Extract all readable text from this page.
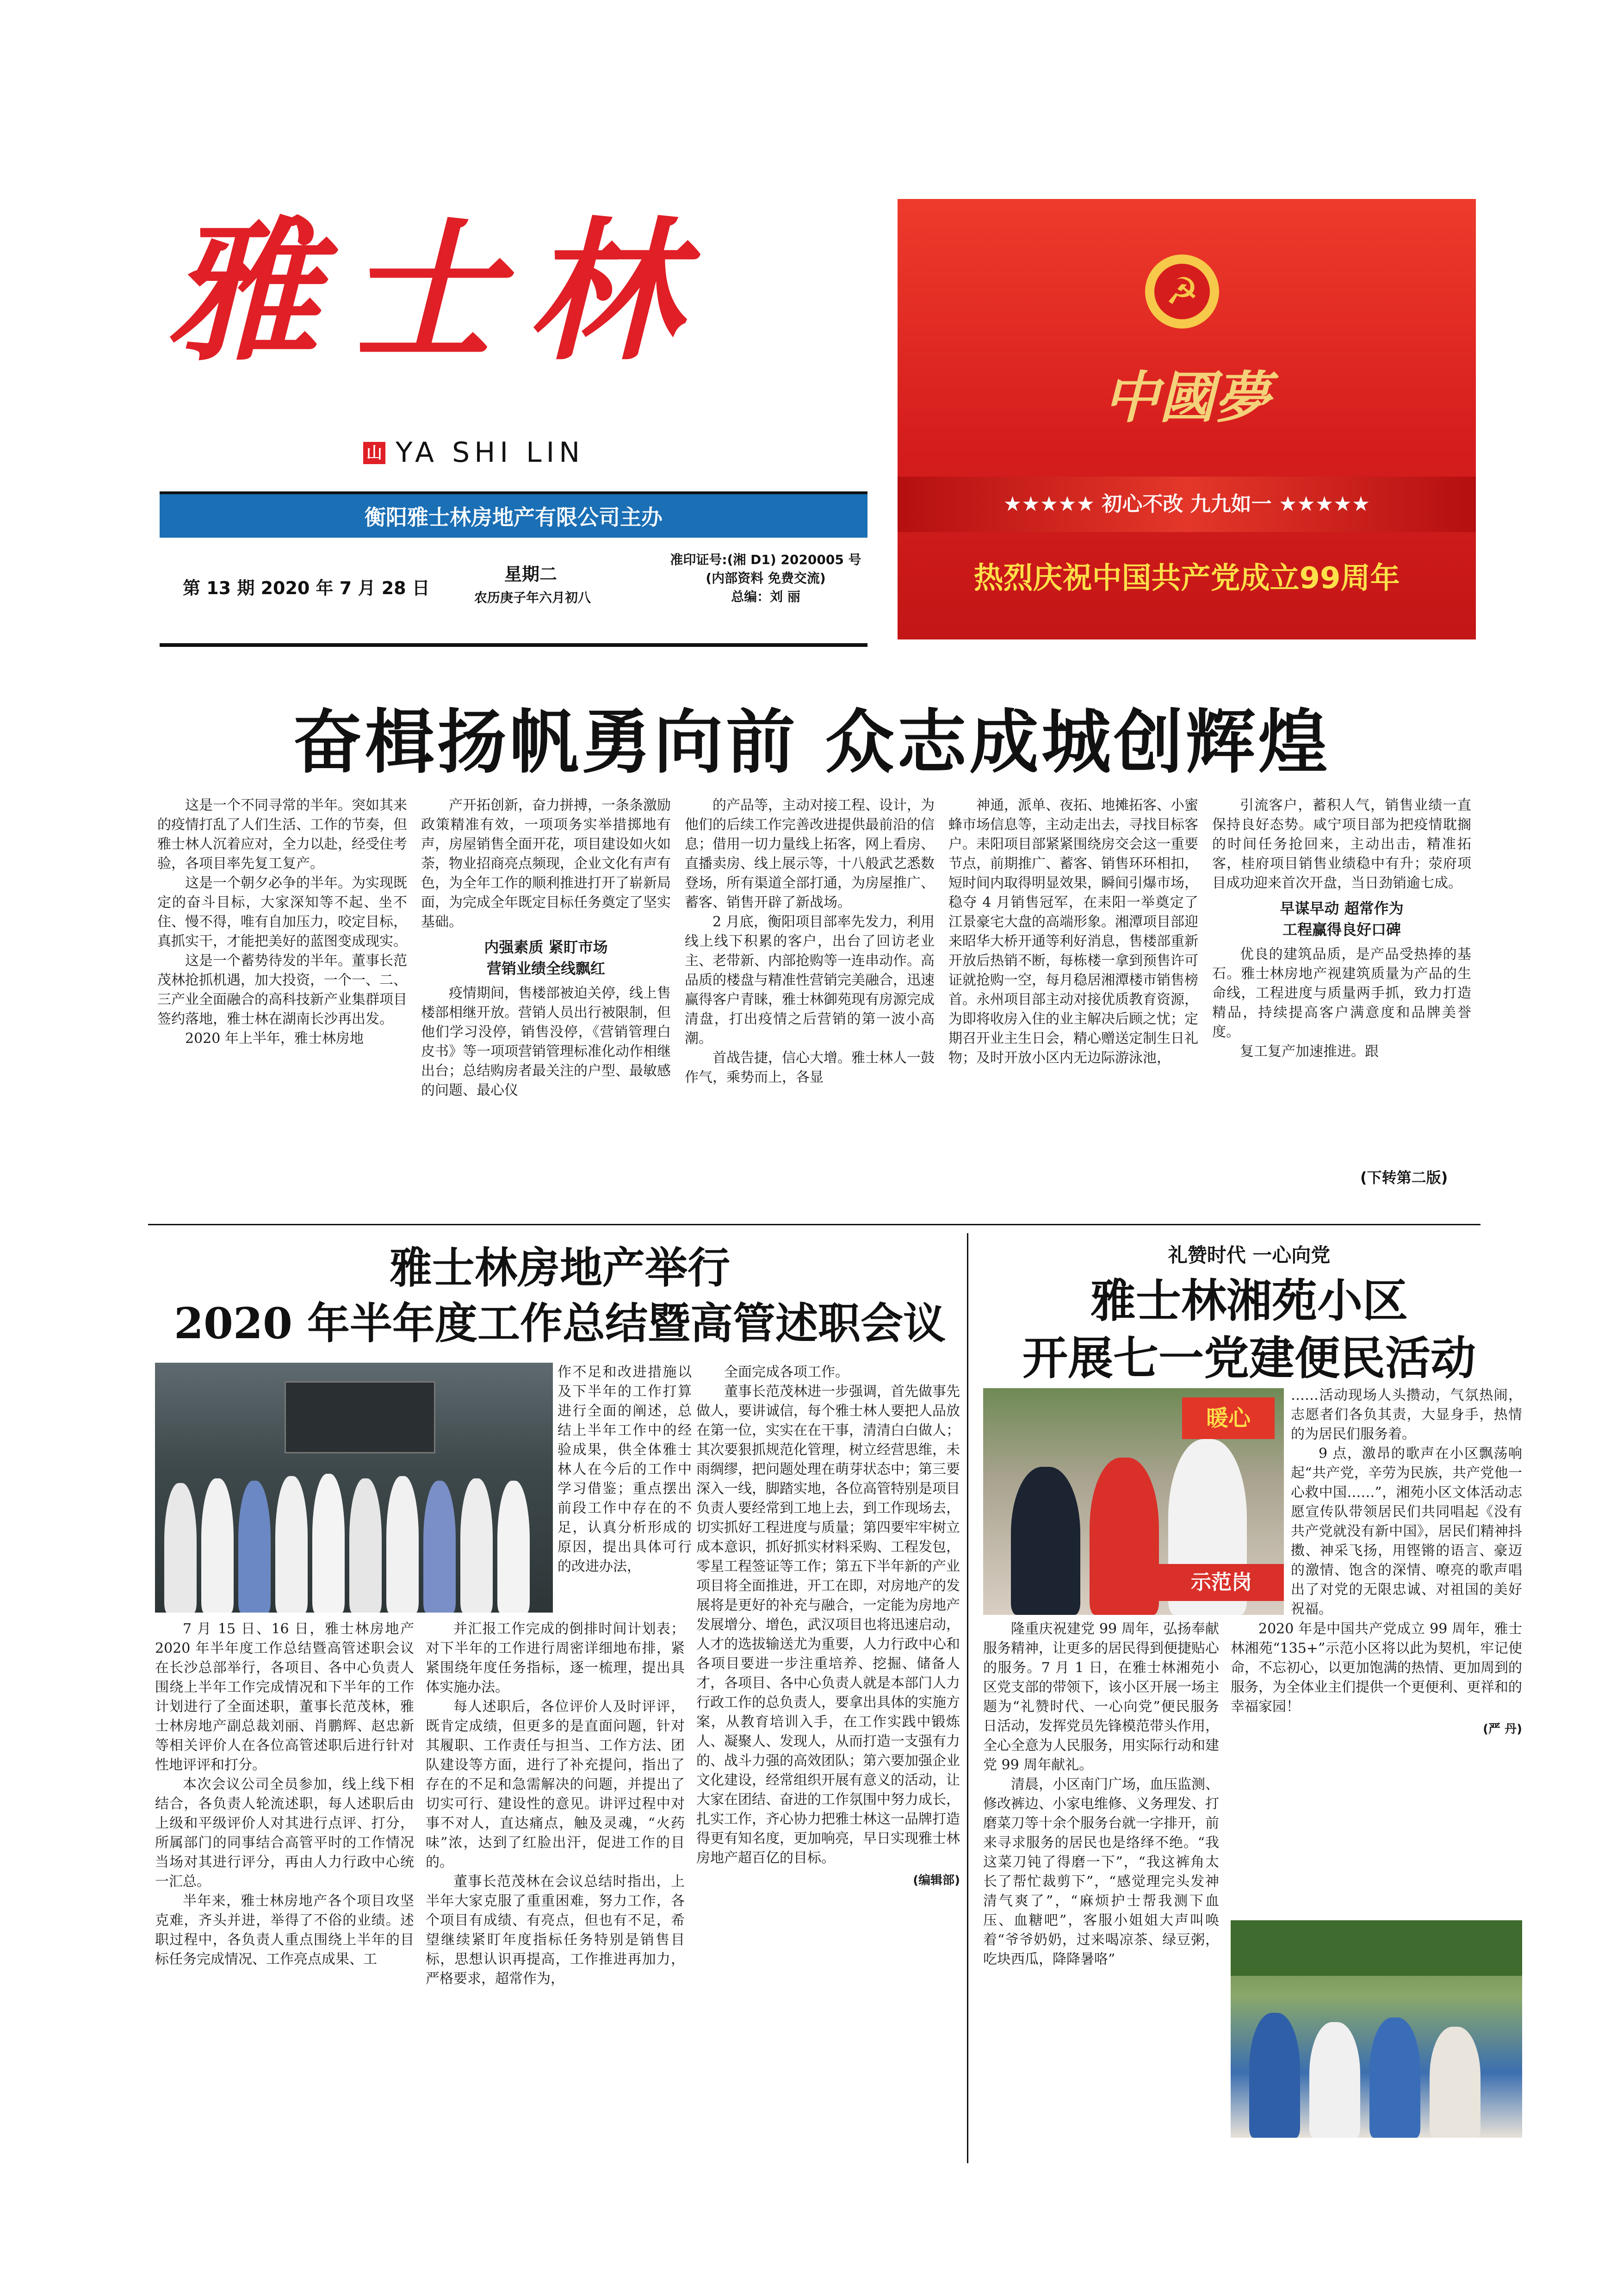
雅士林
山 YA SHI LIN
衡阳雅士林房地产有限公司主办
第 13 期 2020 年 7 月 28 日
星期二
农历庚子年六月初八
准印证号:(湘 D1) 2020005 号
(内部资料 免费交流)
总编：刘 丽
☭
中國夢
★★★★★ 初心不改 九九如一 ★★★★★
热烈庆祝中国共产党成立99周年
奋楫扬帆勇向前 众志成城创辉煌

这是一个不同寻常的半年。突如其来的疫情打乱了人们生活、工作的节奏，但雅士林人沉着应对，全力以赴，经受住考验，各项目率先复工复产。

这是一个朝夕必争的半年。为实现既定的奋斗目标，大家深知等不起、坐不住、慢不得，唯有自加压力，咬定目标，真抓实干，才能把美好的蓝图变成现实。

这是一个蓄势待发的半年。董事长范茂林抢抓机遇，加大投资，一个一、二、三产业全面融合的高科技新产业集群项目签约落地，雅士林在湖南长沙再出发。

2020 年上半年，雅士林房地

产开拓创新，奋力拼搏，一条条激励政策精准有效，一项项务实举措掷地有声，房屋销售全面开花，项目建设如火如荼，物业招商亮点频现，企业文化有声有色，为全年工作的顺利推进打开了崭新局面，为完成全年既定目标任务奠定了坚实基础。

内强素质 紧盯市场
营销业绩全线飘红

疫情期间，售楼部被迫关停，线上售楼部相继开放。营销人员出行被限制，但他们学习没停，销售没停，《营销管理白皮书》等一项项营销管理标准化动作相继出台；总结购房者最关注的户型、最敏感的问题、最心仪

的产品等，主动对接工程、设计，为他们的后续工作完善改进提供最前沿的信息；借用一切力量线上拓客，网上看房、直播卖房、线上展示等，十八般武艺悉数登场，所有渠道全部打通，为房屋推广、蓄客、销售开辟了新战场。

2 月底，衡阳项目部率先发力，利用线上线下积累的客户，出台了回访老业主、老带新、内部抢购等一连串动作。高品质的楼盘与精准性营销完美融合，迅速赢得客户青睐，雅士林御苑现有房源完成清盘，打出疫情之后营销的第一波小高潮。

首战告捷，信心大增。雅士林人一鼓作气，乘势而上，各显

神通，派单、夜拓、地摊拓客、小蜜蜂市场信息等，主动走出去，寻找目标客户。耒阳项目部紧紧围绕房交会这一重要节点，前期推广、蓄客、销售环环相扣，短时间内取得明显效果，瞬间引爆市场，稳夺 4 月销售冠军，在耒阳一举奠定了江景豪宅大盘的高端形象。湘潭项目部迎来昭华大桥开通等利好消息，售楼部重新开放后热销不断，每栋楼一拿到预售许可证就抢购一空，每月稳居湘潭楼市销售榜首。永州项目部主动对接优质教育资源，为即将收房入住的业主解决后顾之忧；定期召开业主生日会，精心赠送定制生日礼物；及时开放小区内无边际游泳池，

引流客户，蓄积人气，销售业绩一直保持良好态势。咸宁项目部为把疫情耽搁的时间任务抢回来，主动出击，精准拓客，桂府项目销售业绩稳中有升；荥府项目成功迎来首次开盘，当日劲销逾七成。

早谋早动 超常作为
工程赢得良好口碑

优良的建筑品质，是产品受热捧的基石。雅士林房地产视建筑质量为产品的生命线，工程进度与质量两手抓，致力打造精品，持续提高客户满意度和品牌美誉度。

复工复产加速推进。跟

(下转第二版)
雅士林房地产举行
2020 年半年度工作总结暨高管述职会议

作不足和改进措施以及下半年的工作打算进行全面的阐述，总结上半年工作中的经验成果，供全体雅士林人在今后的工作中学习借鉴；重点摆出前段工作中存在的不足，认真分析形成的原因，提出具体可行的改进办法，

7 月 15 日、16 日，雅士林房地产 2020 年半年度工作总结暨高管述职会议在长沙总部举行，各项目、各中心负责人围绕上半年工作完成情况和下半年的工作计划进行了全面述职，董事长范茂林，雅士林房地产副总裁刘丽、肖鹏辉、赵忠新等相关评价人在各位高管述职后进行针对性地评评和打分。

本次会议公司全员参加，线上线下相结合，各负责人轮流述职，每人述职后由上级和平级评价人对其进行点评、打分，所属部门的同事结合高管平时的工作情况当场对其进行评分，再由人力行政中心统一汇总。

半年来，雅士林房地产各个项目攻坚克难，齐头并进，举得了不俗的业绩。述职过程中，各负责人重点围绕上半年的目标任务完成情况、工作亮点成果、工

并汇报工作完成的倒排时间计划表；对下半年的工作进行周密详细地布排，紧紧围绕年度任务指标，逐一梳理，提出具体实施办法。

每人述职后，各位评价人及时评评，既肯定成绩，但更多的是直面问题，针对其履职、工作责任与担当、工作方法、团队建设等方面，进行了补充提问，指出了存在的不足和急需解决的问题，并提出了切实可行、建设性的意见。讲评过程中对事不对人，直达痛点，触及灵魂，“火药味”浓，达到了红脸出汗，促进工作的目的。

董事长范茂林在会议总结时指出，上半年大家克服了重重困难，努力工作，各个项目有成绩、有亮点，但也有不足，希望继续紧盯年度指标任务特别是销售目标，思想认识再提高，工作推进再加力，严格要求，超常作为，

全面完成各项工作。

董事长范茂林进一步强调，首先做事先做人，要讲诚信，每个雅士林人要把人品放在第一位，实实在在干事，清清白白做人；其次要狠抓规范化管理，树立经营思维，未雨绸缪，把问题处理在萌芽状态中；第三要深入一线，脚踏实地，各位高管特别是项目负责人要经常到工地上去，到工作现场去，切实抓好工程进度与质量；第四要牢牢树立成本意识，抓好抓实材料采购、工程发包，零星工程签证等工作；第五下半年新的产业项目将全面推进，开工在即，对房地产的发展将是更好的补充与融合，一定能为房地产发展增分、增色，武汉项目也将迅速启动，人才的选拔输送尤为重要，人力行政中心和各项目要进一步注重培养、挖掘、储备人才，各项目、各中心负责人就是本部门人力行政工作的总负责人，要拿出具体的实施方案，从教育培训入手，在工作实践中锻炼人、凝聚人、发现人，从而打造一支强有力的、战斗力强的高效团队；第六要加强企业文化建设，经常组织开展有意义的活动，让大家在团结、奋进的工作氛围中努力成长，扎实工作，齐心协力把雅士林这一品牌打造得更有知名度，更加响亮，早日实现雅士林房地产超百亿的目标。

(编辑部)
礼赞时代 一心向党
雅士林湘苑小区
开展七一党建便民活动
暖心
示范岗

……活动现场人头攒动，气氛热闹，志愿者们各负其责，大显身手，热情的为居民们服务着。

9 点，激昂的歌声在小区飘荡响起“共产党，辛劳为民族，共产党他一心救中国……”，湘苑小区文体活动志愿宣传队带领居民们共同唱起《没有共产党就没有新中国》，居民们精神抖擞、神采飞扬，用铿锵的语言、豪迈的激情、饱含的深情、嘹亮的歌声唱出了对党的无限忠诚、对祖国的美好祝福。

隆重庆祝建党 99 周年，弘扬奉献服务精神，让更多的居民得到便捷贴心的服务。7 月 1 日，在雅士林湘苑小区党支部的带领下，该小区开展一场主题为“礼赞时代、一心向党”便民服务日活动，发挥党员先锋模范带头作用，全心全意为人民服务，用实际行动和建党 99 周年献礼。

清晨，小区南门广场，血压监测、修改裤边、小家电维修、义务理发、打磨菜刀等十余个服务台就一字排开，前来寻求服务的居民也是络绎不绝。“我这菜刀钝了得磨一下”，“我这裤角太长了帮忙裁剪下”，“感觉理完头发神清气爽了”，“麻烦护士帮我测下血压、血糖吧”，客服小姐姐大声叫唤着“爷爷奶奶，过来喝凉茶、绿豆粥，吃块西瓜，降降暑咯”

2020 年是中国共产党成立 99 周年，雅士林湘苑“135+”示范小区将以此为契机，牢记使命，不忘初心，以更加饱满的热情、更加周到的服务，为全体业主们提供一个更便利、更祥和的幸福家园！

(严 丹)
